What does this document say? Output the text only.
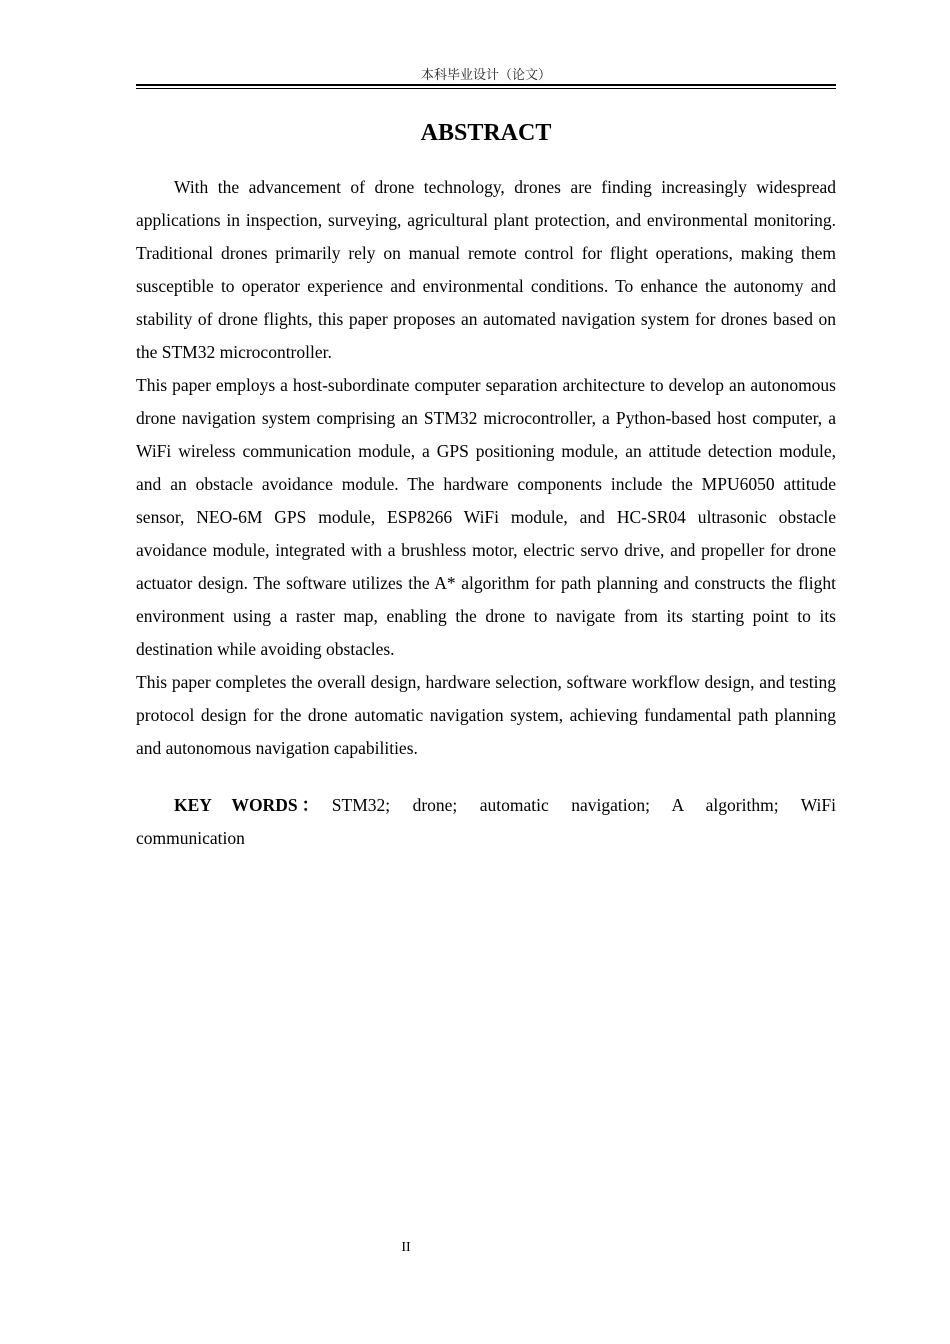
本科毕业设计（论文）
ABSTRACT

With the advancement of drone technology, drones are finding increasingly widespread applications in inspection, surveying, agricultural plant protection, and environmental monitoring. Traditional drones primarily rely on manual remote control for flight operations, making them susceptible to operator experience and environmental conditions. To enhance the autonomy and stability of drone flights, this paper proposes an automated navigation system for drones based on the STM32 microcontroller.

This paper employs a host-subordinate computer separation architecture to develop an autonomous drone navigation system comprising an STM32 microcontroller, a Python-based host computer, a WiFi wireless communication module, a GPS positioning module, an attitude detection module, and an obstacle avoidance module. The hardware components include the MPU6050 attitude sensor, NEO-6M GPS module, ESP8266 WiFi module, and HC-SR04 ultrasonic obstacle avoidance module, integrated with a brushless motor, electric servo drive, and propeller for drone actuator design. The software utilizes the A* algorithm for path planning and constructs the flight environment using a raster map, enabling the drone to navigate from its starting point to its destination while avoiding obstacles.

This paper completes the overall design, hardware selection, software workflow design, and testing protocol design for the drone automatic navigation system, achieving fundamental path planning and autonomous navigation capabilities.

KEY WORDS： STM32; drone; automatic navigation; A algorithm; WiFi communication

II
